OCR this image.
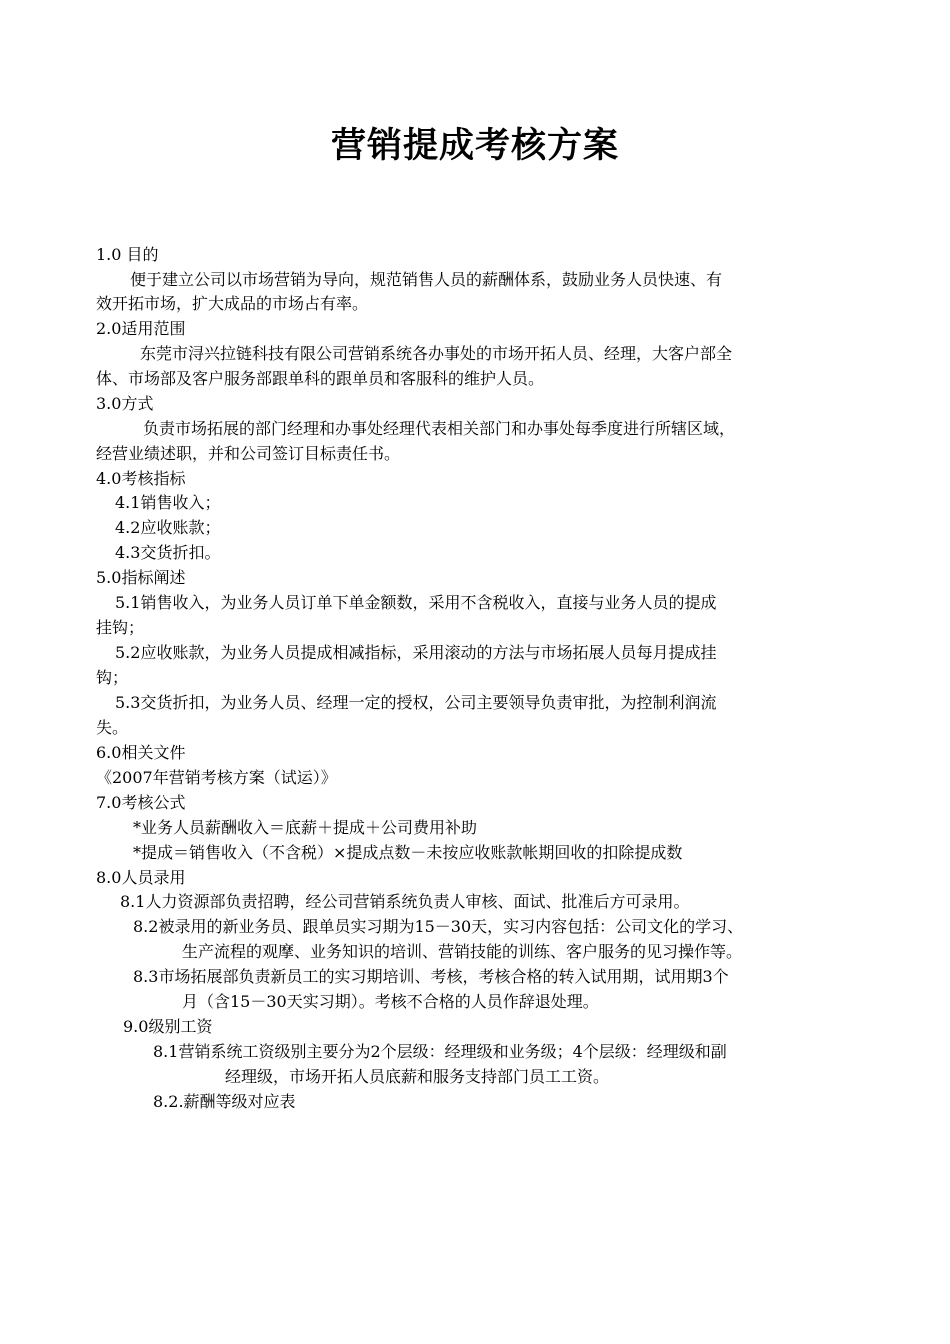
营销提成考核方案

1.0 目的

便于建立公司以市场营销为导向，规范销售人员的薪酬体系，鼓励业务人员快速、有

效开拓市场，扩大成品的市场占有率。

2.0适用范围

东莞市浔兴拉链科技有限公司营销系统各办事处的市场开拓人员、经理，大客户部全

体、市场部及客户服务部跟单科的跟单员和客服科的维护人员。

3.0方式

负责市场拓展的部门经理和办事处经理代表相关部门和办事处每季度进行所辖区域，

经营业绩述职，并和公司签订目标责任书。

4.0考核指标

4.1销售收入；

4.2应收账款；

4.3交货折扣。

5.0指标阐述

5.1销售收入，为业务人员订单下单金额数，采用不含税收入，直接与业务人员的提成

挂钩；

5.2应收账款，为业务人员提成相减指标，采用滚动的方法与市场拓展人员每月提成挂

钩；

5.3交货折扣，为业务人员、经理一定的授权，公司主要领导负责审批，为控制利润流

失。

6.0相关文件

《2007年营销考核方案（试运）》

7.0考核公式

*业务人员薪酬收入＝底薪＋提成＋公司费用补助

*提成＝销售收入（不含税）×提成点数－未按应收账款帐期回收的扣除提成数

8.0人员录用

8.1人力资源部负责招聘，经公司营销系统负责人审核、面试、批准后方可录用。

8.2被录用的新业务员、跟单员实习期为15－30天，实习内容包括：公司文化的学习、

生产流程的观摩、业务知识的培训、营销技能的训练、客户服务的见习操作等。

8.3市场拓展部负责新员工的实习期培训、考核，考核合格的转入试用期，试用期3个

月（含15－30天实习期）。考核不合格的人员作辞退处理。

9.0级别工资

8.1营销系统工资级别主要分为2个层级：经理级和业务级；4个层级：经理级和副

经理级，市场开拓人员底薪和服务支持部门员工工资。

8.2.薪酬等级对应表
